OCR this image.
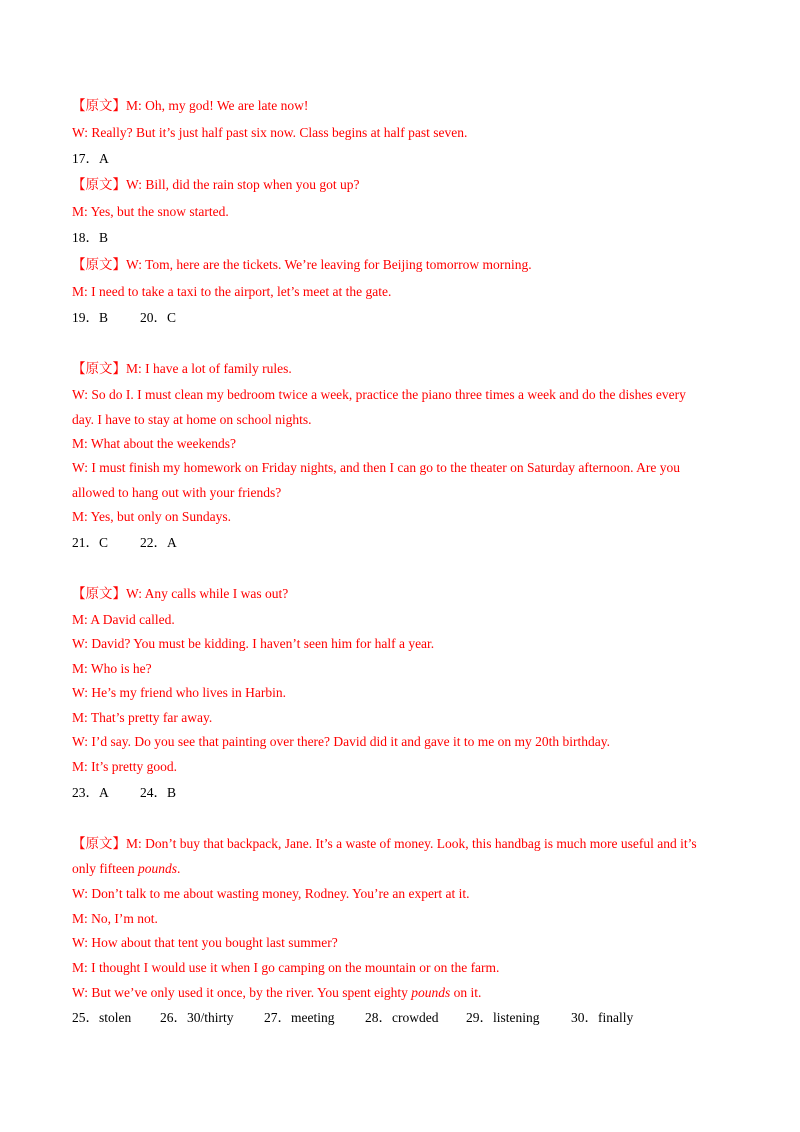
【原文】M: Oh, my god! We are late now!
W: Really? But it’s just half past six now. Class begins at half past seven.
17．A
【原文】W: Bill, did the rain stop when you got up?
M: Yes, but the snow started.
18．B
【原文】W: Tom, here are the tickets. We’re leaving for Beijing tomorrow morning.
M: I need to take a taxi to the airport, let’s meet at the gate.
19．B 20．C
【原文】M: I have a lot of family rules.
W: So do I. I must clean my bedroom twice a week, practice the piano three times a week and do the dishes every
day. I have to stay at home on school nights.
M: What about the weekends?
W: I must finish my homework on Friday nights, and then I can go to the theater on Saturday afternoon. Are you
allowed to hang out with your friends?
M: Yes, but only on Sundays.
21．C 22．A
【原文】W: Any calls while I was out?
M: A David called.
W: David? You must be kidding. I haven’t seen him for half a year.
M: Who is he?
W: He’s my friend who lives in Harbin.
M: That’s pretty far away.
W: I’d say. Do you see that painting over there? David did it and gave it to me on my 20th birthday.
M: It’s pretty good.
23．A 24．B
【原文】M: Don’t buy that backpack, Jane. It’s a waste of money. Look, this handbag is much more useful and it’s
only fifteen pounds.
W: Don’t talk to me about wasting money, Rodney. You’re an expert at it.
M: No, I’m not.
W: How about that tent you bought last summer?
M: I thought I would use it when I go camping on the mountain or on the farm.
W: But we’ve only used it once, by the river. You spent eighty pounds on it.
25．stolen 26．30/thirty 27．meeting 28．crowded 29．listening 30．finally
